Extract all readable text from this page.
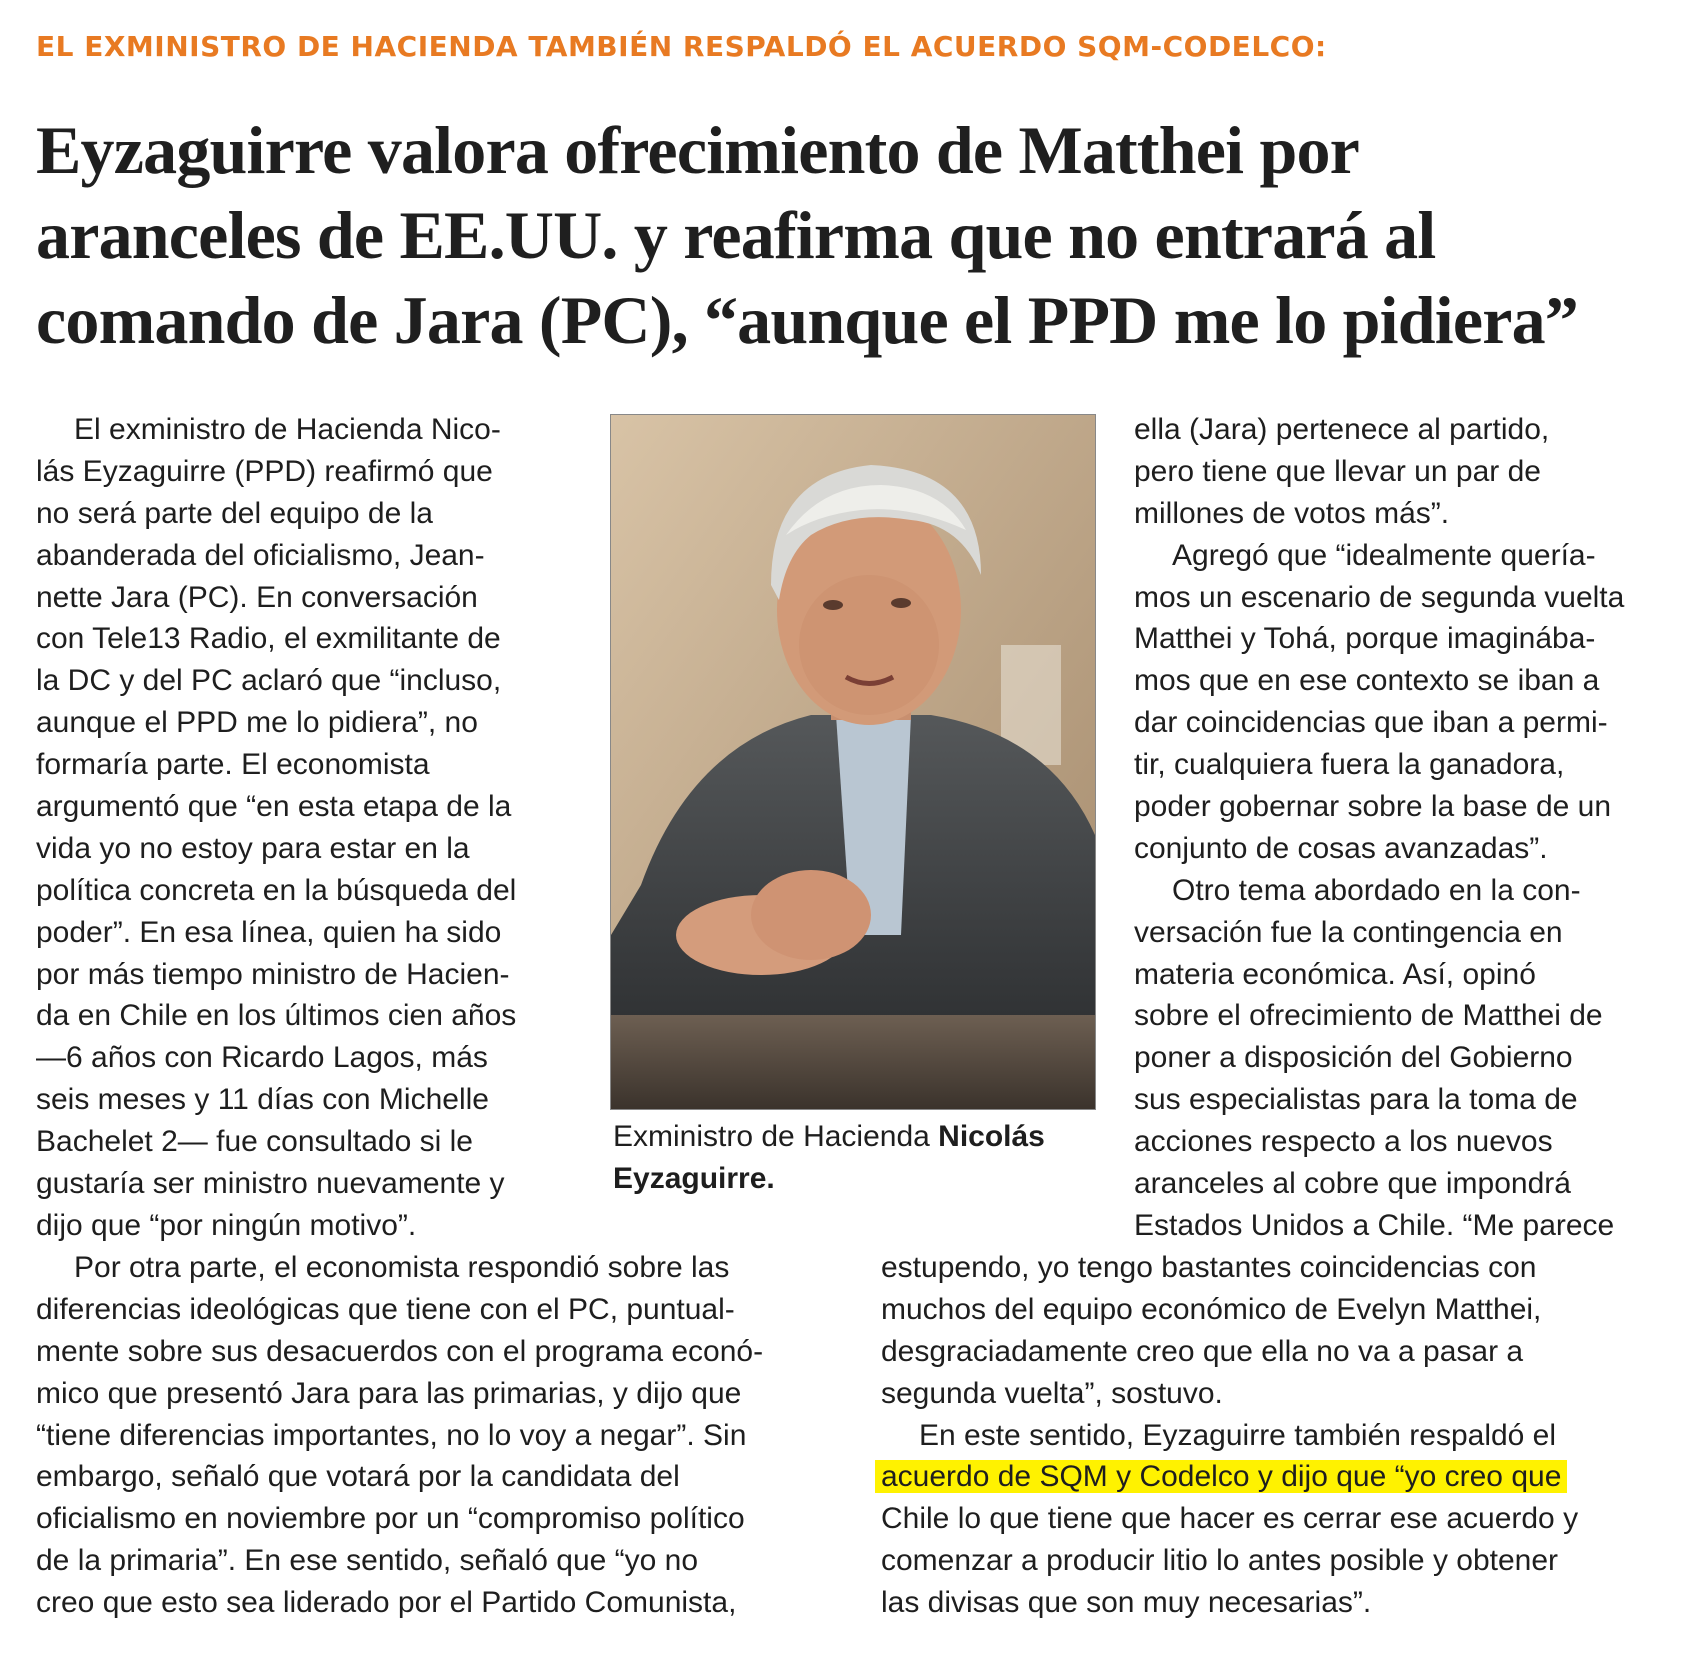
EL EXMINISTRO DE HACIENDA TAMBIÉN RESPALDÓ EL ACUERDO SQM-CODELCO:
Eyzaguirre valora ofrecimiento de Matthei por
aranceles de EE.UU. y reafirma que no entrará al
comando de Jara (PC), “aunque el PPD me lo pidiera”
El exministro de Hacienda Nico-
lás Eyzaguirre (PPD) reafirmó que
no será parte del equipo de la
abanderada del oficialismo, Jean-
nette Jara (PC). En conversación
con Tele13 Radio, el exmilitante de
la DC y del PC aclaró que “incluso,
aunque el PPD me lo pidiera”, no
formaría parte. El economista
argumentó que “en esta etapa de la
vida yo no estoy para estar en la
política concreta en la búsqueda del
poder”. En esa línea, quien ha sido
por más tiempo ministro de Hacien-
da en Chile en los últimos cien años
—6 años con Ricardo Lagos, más
seis meses y 11 días con Michelle
Bachelet 2— fue consultado si le
gustaría ser ministro nuevamente y
dijo que “por ningún motivo”.
Exministro de Hacienda Nicolás
Eyzaguirre.
ella (Jara) pertenece al partido,
pero tiene que llevar un par de
millones de votos más”.
Agregó que “idealmente quería-
mos un escenario de segunda vuelta
Matthei y Tohá, porque imaginába-
mos que en ese contexto se iban a
dar coincidencias que iban a permi-
tir, cualquiera fuera la ganadora,
poder gobernar sobre la base de un
conjunto de cosas avanzadas”.
Otro tema abordado en la con-
versación fue la contingencia en
materia económica. Así, opinó
sobre el ofrecimiento de Matthei de
poner a disposición del Gobierno
sus especialistas para la toma de
acciones respecto a los nuevos
aranceles al cobre que impondrá
Estados Unidos a Chile. “Me parece
Por otra parte, el economista respondió sobre las
diferencias ideológicas que tiene con el PC, puntual-
mente sobre sus desacuerdos con el programa econó-
mico que presentó Jara para las primarias, y dijo que
“tiene diferencias importantes, no lo voy a negar”. Sin
embargo, señaló que votará por la candidata del
oficialismo en noviembre por un “compromiso político
de la primaria”. En ese sentido, señaló que “yo no
creo que esto sea liderado por el Partido Comunista,
estupendo, yo tengo bastantes coincidencias con
muchos del equipo económico de Evelyn Matthei,
desgraciadamente creo que ella no va a pasar a
segunda vuelta”, sostuvo.
En este sentido, Eyzaguirre también respaldó el
acuerdo de SQM y Codelco y dijo que “yo creo que
Chile lo que tiene que hacer es cerrar ese acuerdo y
comenzar a producir litio lo antes posible y obtener
las divisas que son muy necesarias”.
